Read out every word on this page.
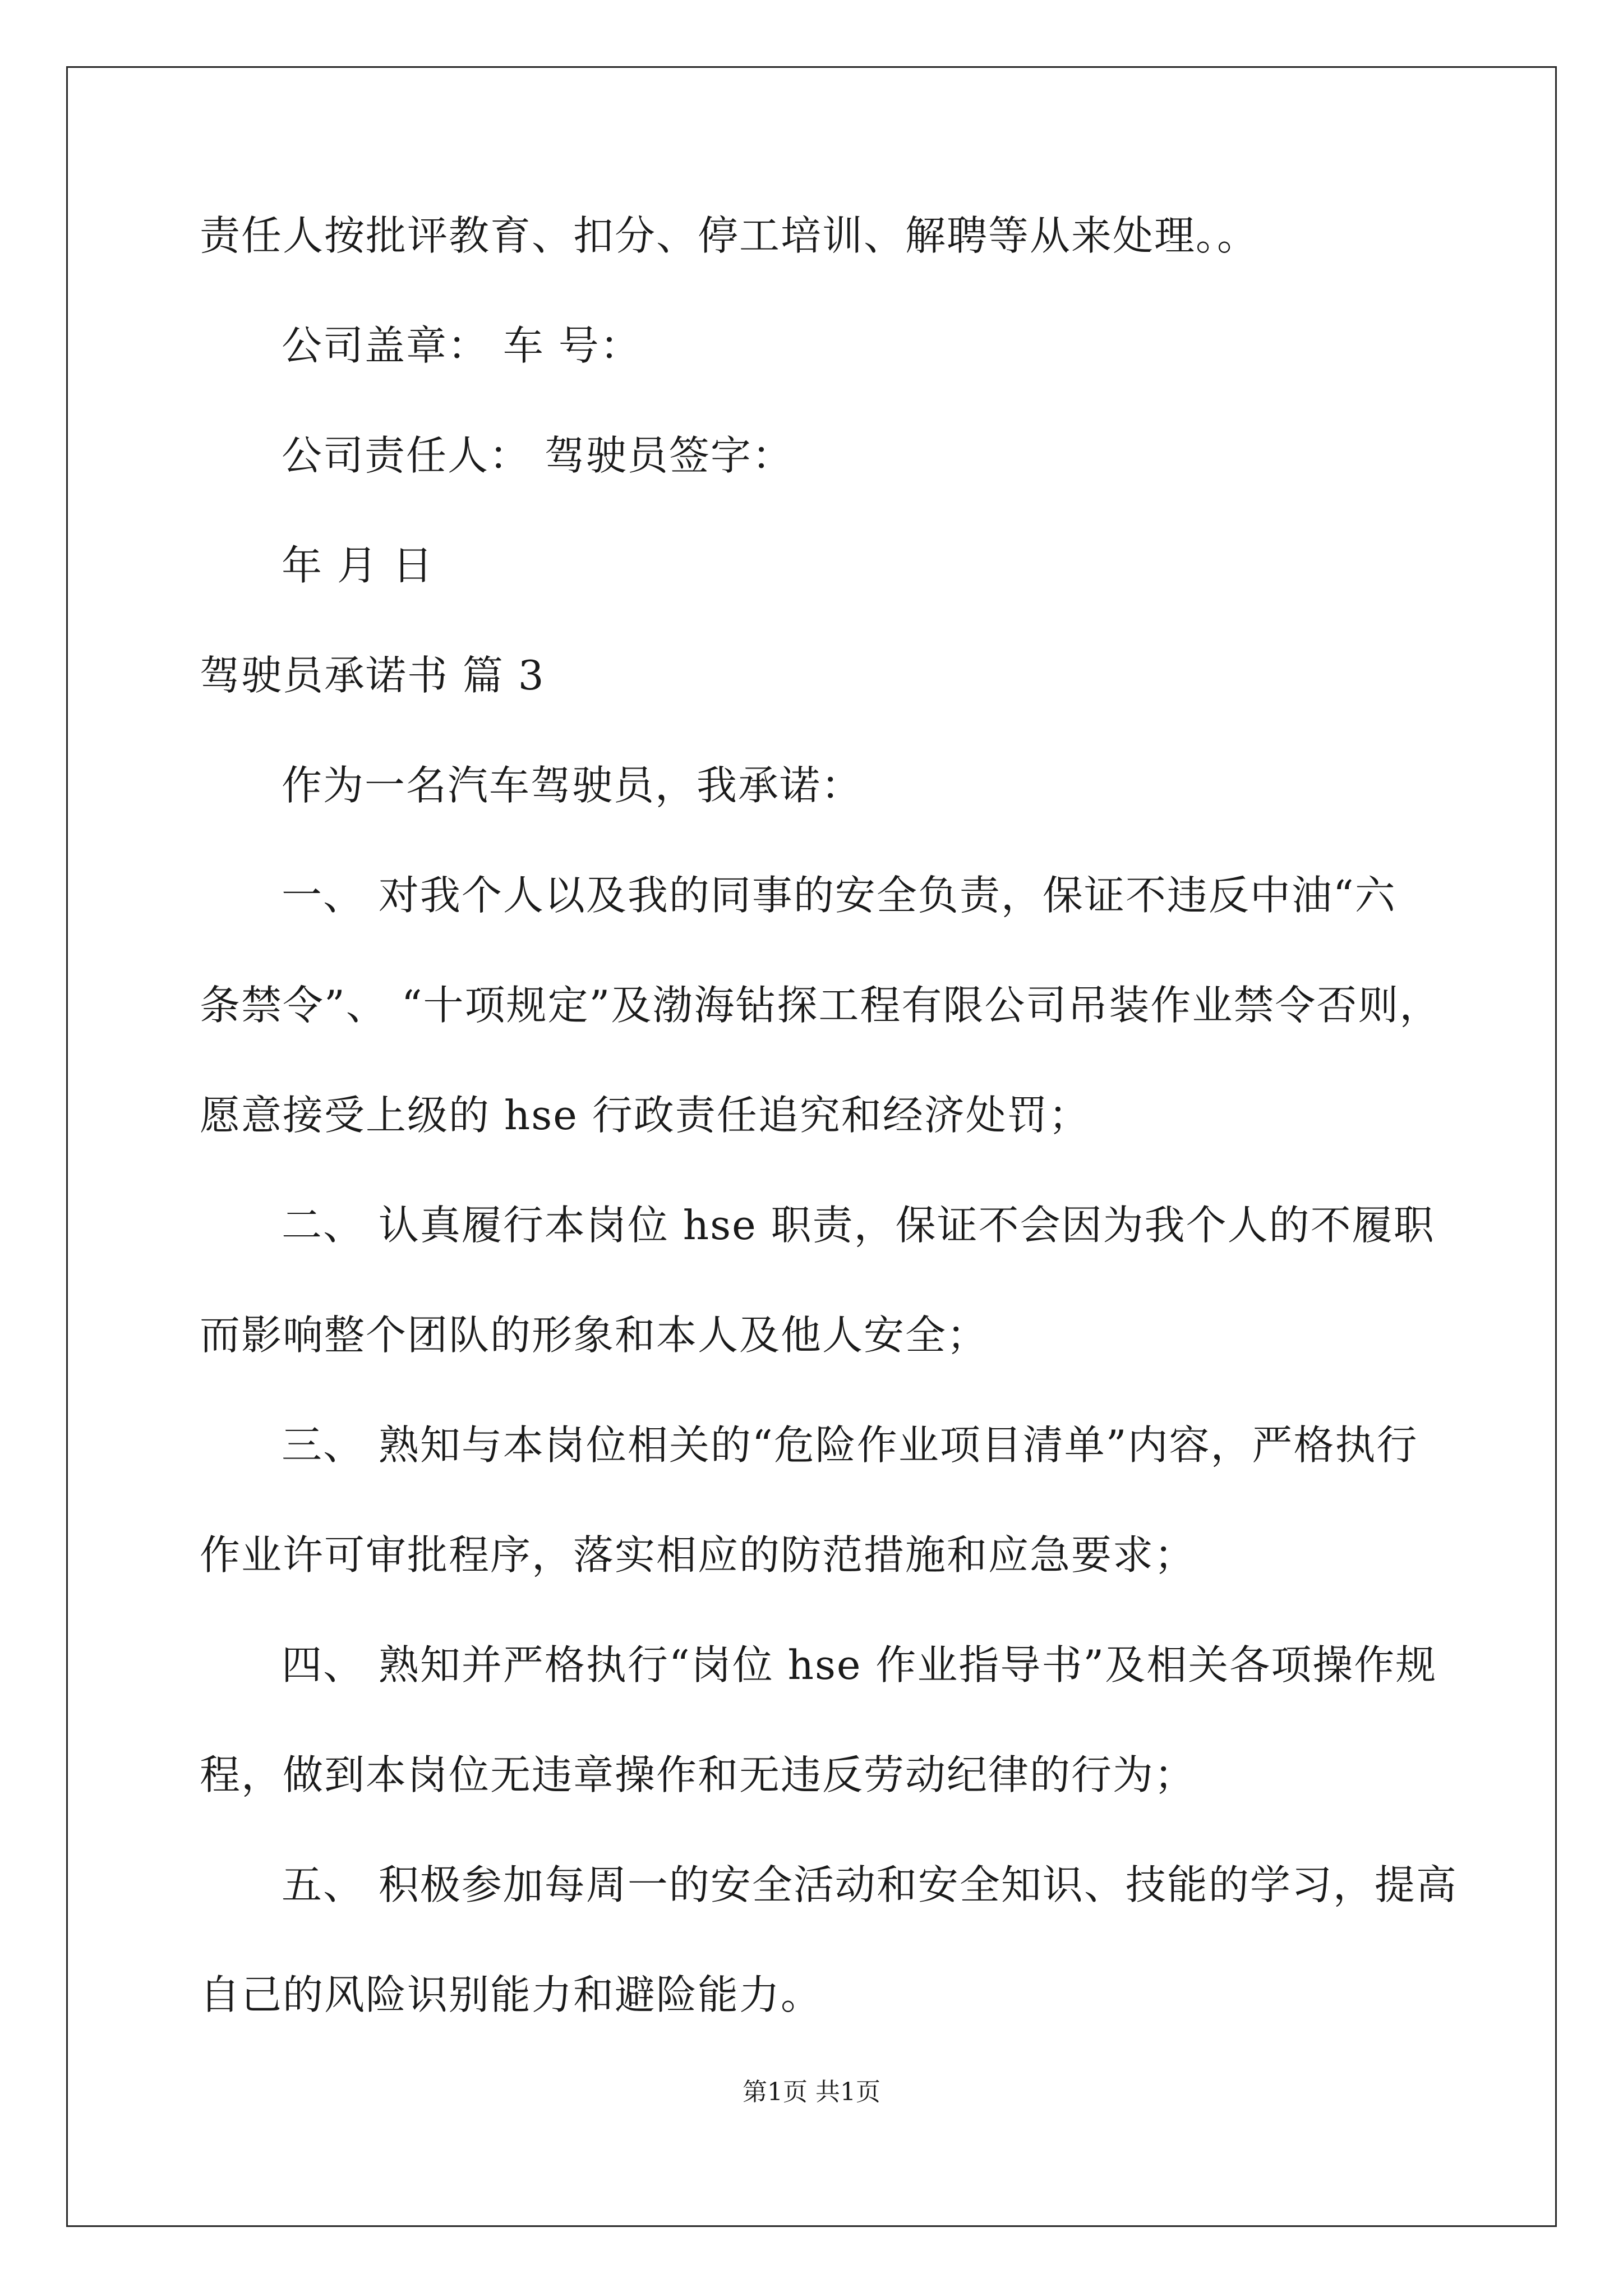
责任人按批评教育、扣分、停工培训、解聘等从来处理。。
公司盖章： 车 号：
公司责任人： 驾驶员签字：
年 月 日
驾驶员承诺书 篇 3
作为一名汽车驾驶员，我承诺：
一、 对我个人以及我的同事的安全负责，保证不违反中油“六
条禁令”、 “十项规定”及渤海钻探工程有限公司吊装作业禁令否则，
愿意接受上级的 hse 行政责任追究和经济处罚；
二、 认真履行本岗位 hse 职责，保证不会因为我个人的不履职
而影响整个团队的形象和本人及他人安全；
三、 熟知与本岗位相关的“危险作业项目清单”内容，严格执行
作业许可审批程序，落实相应的防范措施和应急要求；
四、 熟知并严格执行“岗位 hse 作业指导书”及相关各项操作规
程，做到本岗位无违章操作和无违反劳动纪律的行为；
五、 积极参加每周一的安全活动和安全知识、技能的学习，提高
自己的风险识别能力和避险能力。
第1页 共1页
